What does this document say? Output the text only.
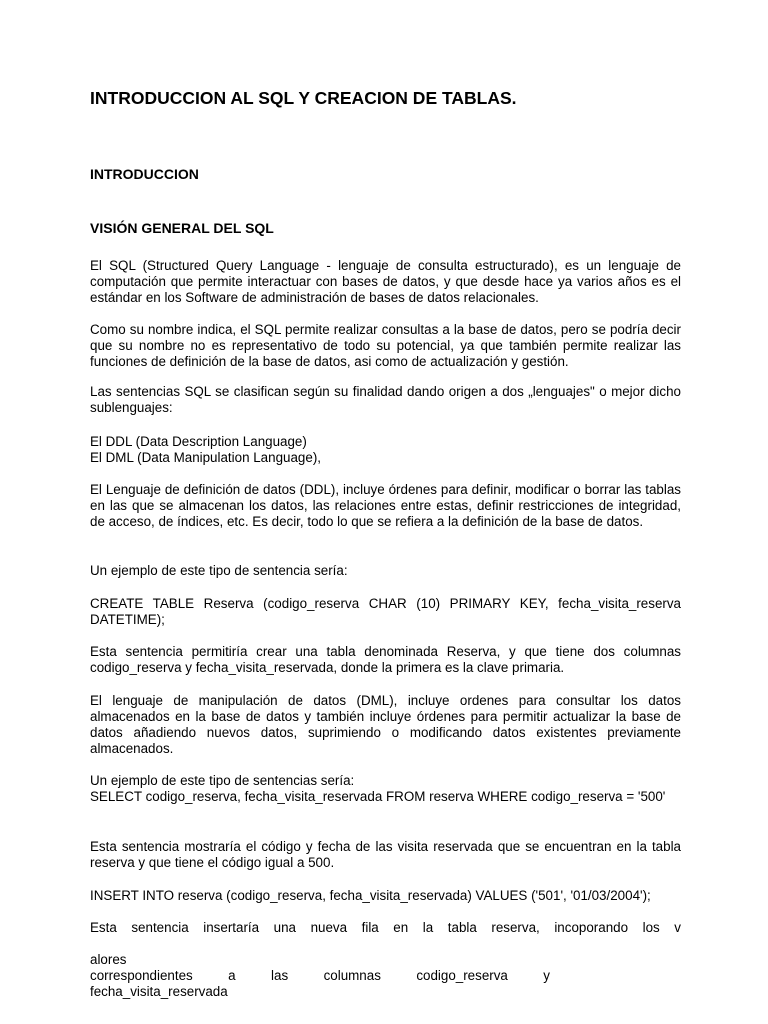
INTRODUCCION AL SQL Y CREACION DE TABLAS.
INTRODUCCION
VISIÓN GENERAL DEL SQL

El SQL (Structured Query Language - lenguaje de consulta estructurado), es un lenguaje de computación que permite interactuar con bases de datos, y que desde hace ya varios años es el estándar en los Software de administración de bases de datos relacionales.

Como su nombre indica, el SQL permite realizar consultas a la base de datos, pero se podría decir que su nombre no es representativo de todo su potencial, ya que también permite realizar las funciones de definición de la base de datos, asi como de actualización y gestión.

Las sentencias SQL se clasifican según su finalidad dando origen a dos „lenguajes" o mejor dicho sublenguajes:

El DDL (Data Description Language)

El DML (Data Manipulation Language),

El Lenguaje de definición de datos (DDL), incluye órdenes para definir, modificar o borrar las tablas en las que se almacenan los datos, las relaciones entre estas, definir restricciones de integridad, de acceso, de índices, etc. Es decir, todo lo que se refiera a la definición de la base de datos.

Un ejemplo de este tipo de sentencia sería:

CREATE TABLE Reserva (codigo_reserva CHAR (10) PRIMARY KEY, fecha_visita_reserva DATETIME);

Esta sentencia permitiría crear una tabla denominada Reserva, y que tiene dos columnas codigo_reserva y fecha_visita_reservada, donde la primera es la clave primaria.

El lenguaje de manipulación de datos (DML), incluye ordenes para consultar los datos almacenados en la base de datos y también incluye órdenes para permitir actualizar la base de datos añadiendo nuevos datos, suprimiendo o modificando datos existentes previamente almacenados.

Un ejemplo de este tipo de sentencias sería:

SELECT codigo_reserva, fecha_visita_reservada FROM reserva WHERE codigo_reserva = '500'

Esta sentencia mostraría el código y fecha de las visita reservada que se encuentran en la tabla reserva y que tiene el código igual a 500.

INSERT INTO reserva (codigo_reserva, fecha_visita_reservada) VALUES ('501', '01/03/2004');

Esta sentencia insertaría una nueva fila en la tabla reserva, incoporando los v
alores
correspondientes a las columnas codigo_reserva y
fecha_visita_reservada
